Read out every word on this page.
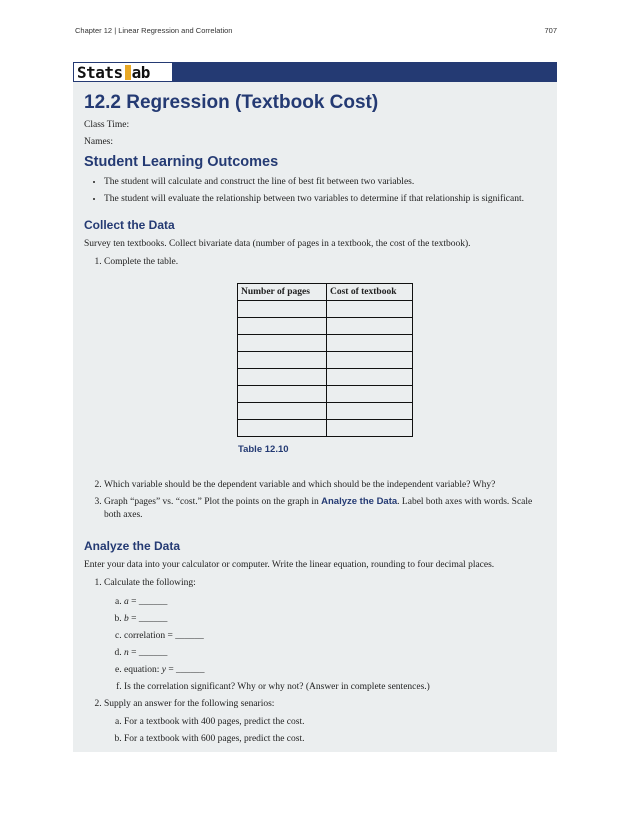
Chapter 12 | Linear Regression and Correlation	707
Stats ab
12.2 Regression (Textbook Cost)
Class Time:
Names:
Student Learning Outcomes
• The student will calculate and construct the line of best fit between two variables.
• The student will evaluate the relationship between two variables to determine if that relationship is significant.
Collect the Data

Survey ten textbooks. Collect bivariate data (number of pages in a textbook, the cost of the textbook).

1. Complete the table.
Number of pages	Cost of textbook

Table 12.10
2. Which variable should be the dependent variable and which should be the independent variable? Why?
3. Graph “pages” vs. “cost.” Plot the points on the graph in Analyze the Data. Label both axes with words. Scale both axes.
Analyze the Data

Enter your data into your calculator or computer. Write the linear equation, rounding to four decimal places.

1. Calculate the following:
a. a = ______
b. b = ______
c. correlation = ______
d. n = ______
e. equation: y = ______
f. Is the correlation significant? Why or why not? (Answer in complete sentences.)
2. Supply an answer for the following senarios:
a. For a textbook with 400 pages, predict the cost.
b. For a textbook with 600 pages, predict the cost.
